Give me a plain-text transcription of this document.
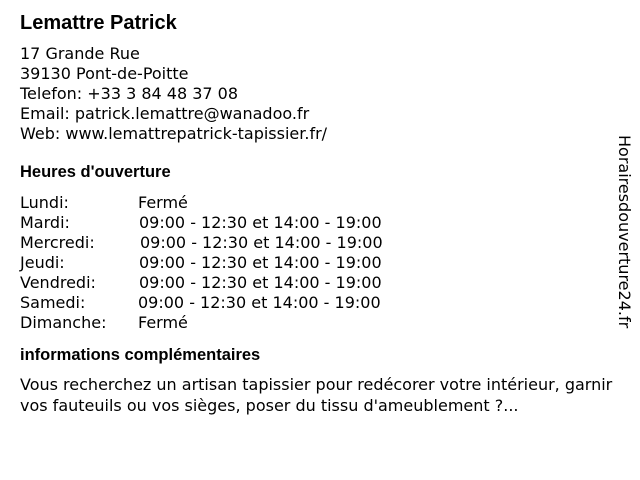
Lemattre Patrick
17 Grande Rue
39130 Pont-de-Poitte
Telefon: +33 3 84 48 37 08
Email: patrick.lemattre@wanadoo.fr
Web: www.lemattrepatrick-tapissier.fr/
Heures d'ouverture
Lundi:	Fermé
Mardi:	09:00 - 12:30 et 14:00 - 19:00
Mercredi:	09:00 - 12:30 et 14:00 - 19:00
Jeudi:	09:00 - 12:30 et 14:00 - 19:00
Vendredi:	09:00 - 12:30 et 14:00 - 19:00
Samedi:	09:00 - 12:30 et 14:00 - 19:00
Dimanche: Fermé
informations complémentaires
Vous recherchez un artisan tapissier pour redécorer votre intérieur, garnir vos fauteuils ou vos sièges, poser du tissu d'ameublement ?...
Horairesdouverture24.fr
